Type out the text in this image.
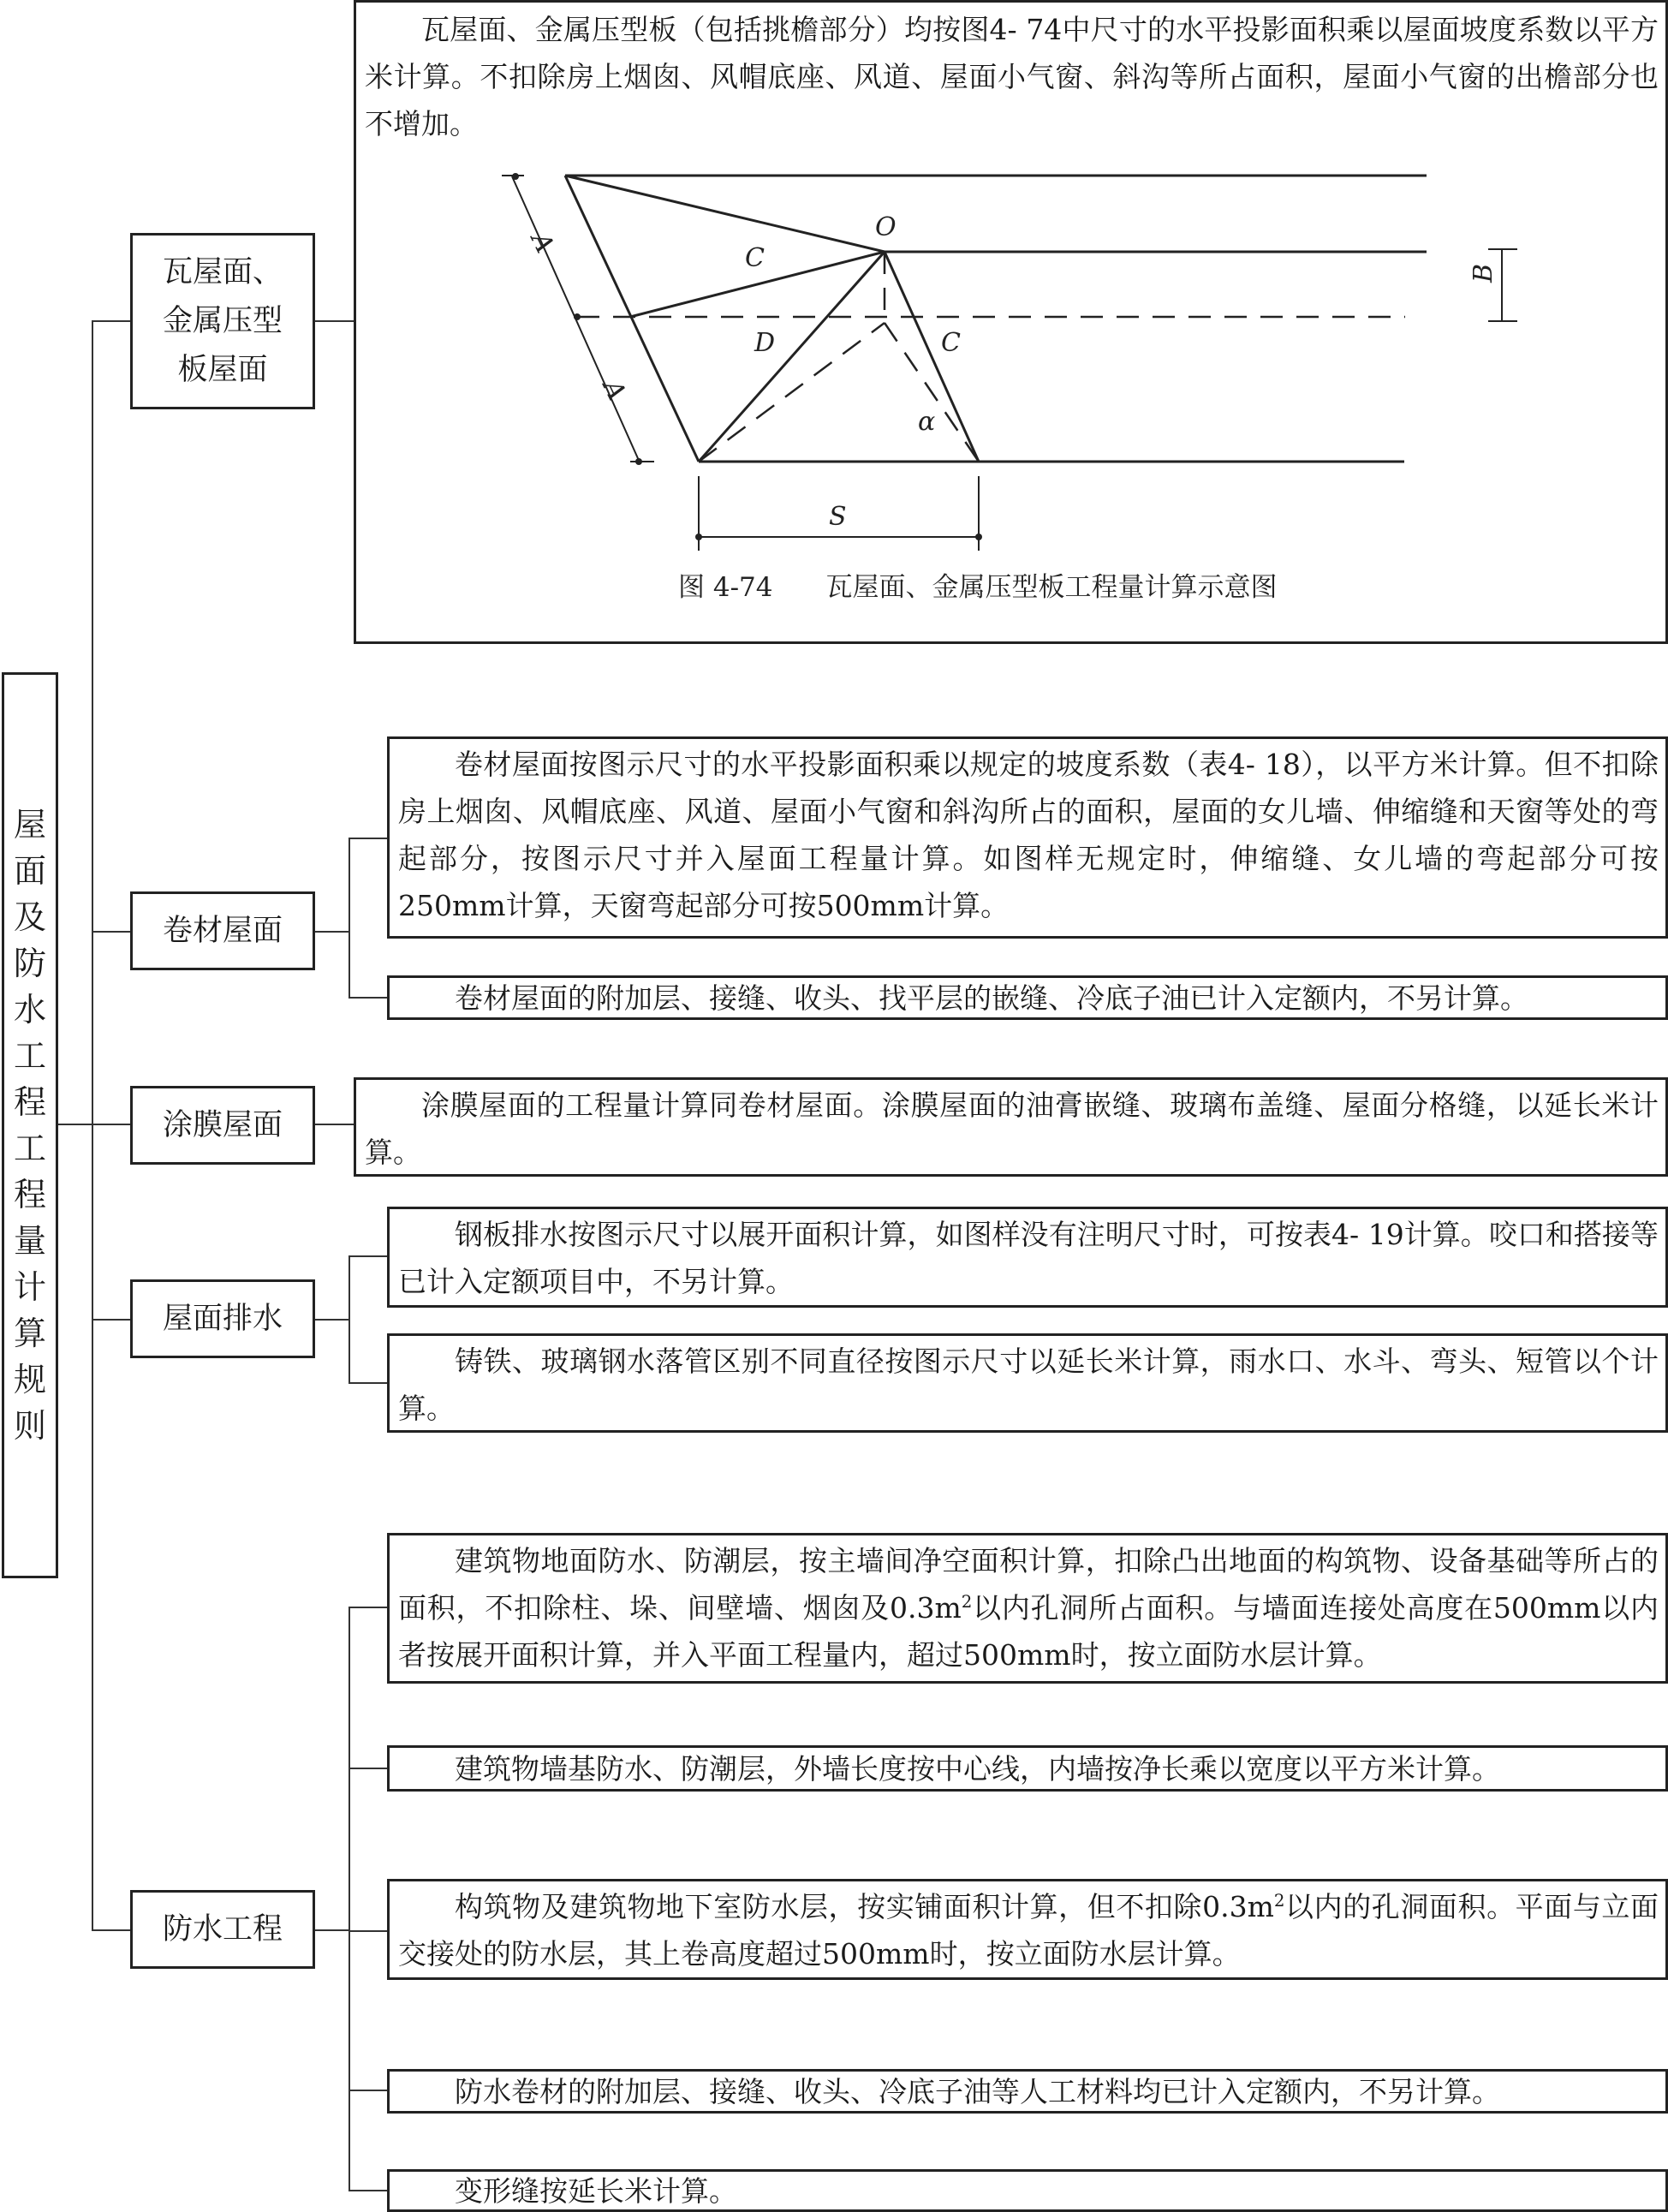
屋
面
及
防
水
工
程
工
程
量
计
算
规
则
瓦屋面、
金属压型
板屋面
卷材屋面
涂膜屋面
屋面排水
防水工程
瓦屋面、金属压型板（包括挑檐部分）均按图4- 74中尺寸的水平投影面积乘以屋面坡度系数以平方米计算。不扣除房上烟囱、风帽底座、风道、屋面小气窗、斜沟等所占面积，屋面小气窗的出檐部分也不增加。
A
A
O
C
C
D
B
α
S
图 4-74　　瓦屋面、金属压型板工程量计算示意图
卷材屋面按图示尺寸的水平投影面积乘以规定的坡度系数（表4- 18），以平方米计算。但不扣除房上烟囱、风帽底座、风道、屋面小气窗和斜沟所占的面积，屋面的女儿墙、伸缩缝和天窗等处的弯起部分，按图示尺寸并入屋面工程量计算。如图样无规定时，伸缩缝、女儿墙的弯起部分可按250mm计算，天窗弯起部分可按500mm计算。
卷材屋面的附加层、接缝、收头、找平层的嵌缝、冷底子油已计入定额内，不另计算。
涂膜屋面的工程量计算同卷材屋面。涂膜屋面的油膏嵌缝、玻璃布盖缝、屋面分格缝，以延长米计算。
钢板排水按图示尺寸以展开面积计算，如图样没有注明尺寸时，可按表4- 19计算。咬口和搭接等已计入定额项目中，不另计算。
铸铁、玻璃钢水落管区别不同直径按图示尺寸以延长米计算，雨水口、水斗、弯头、短管以个计算。
建筑物地面防水、防潮层，按主墙间净空面积计算，扣除凸出地面的构筑物、设备基础等所占的面积，不扣除柱、垛、间壁墙、烟囱及$0.3m^2$以内孔洞所占面积。与墙面连接处高度在500mm以内者按展开面积计算，并入平面工程量内，超过500mm时，按立面防水层计算。
建筑物墙基防水、防潮层，外墙长度按中心线，内墙按净长乘以宽度以平方米计算。
构筑物及建筑物地下室防水层，按实铺面积计算，但不扣除$0.3m^2$以内的孔洞面积。平面与立面交接处的防水层，其上卷高度超过500mm时，按立面防水层计算。
防水卷材的附加层、接缝、收头、冷底子油等人工材料均已计入定额内，不另计算。
变形缝按延长米计算。
